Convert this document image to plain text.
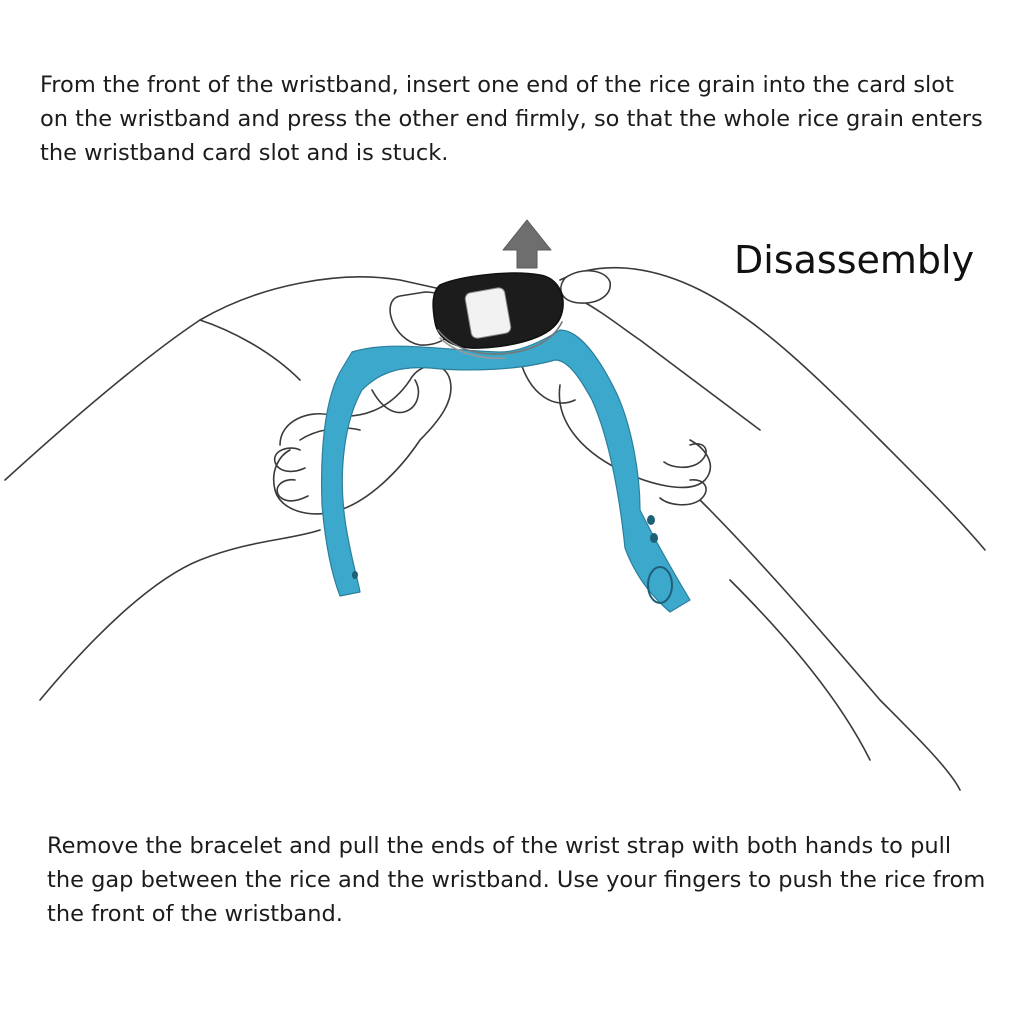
From the front of the wristband, insert one end of the rice grain into the card slot
on the wristband and press the other end firmly, so that the whole rice grain enters
the wristband card slot and is stuck.
Disassembly
Remove the bracelet and pull the ends of the wrist strap with both hands to pull
the gap between the rice and the wristband. Use your fingers to push the rice from
the front of the wristband.
